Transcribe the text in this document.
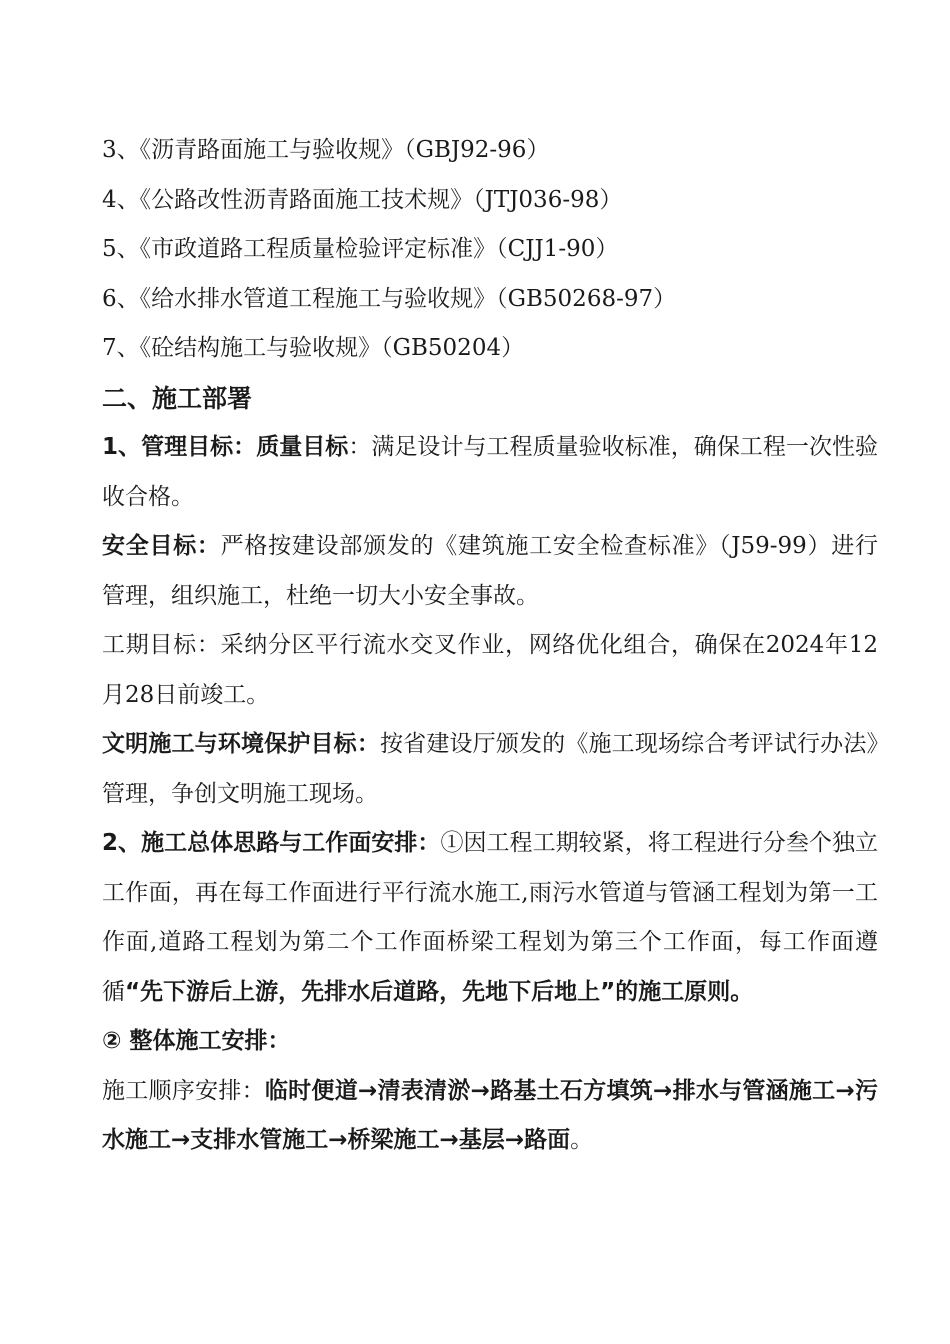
3、《沥青路面施工与验收规》（GBJ92-96）

4、《公路改性沥青路面施工技术规》（JTJ036-98）

5、《市政道路工程质量检验评定标准》（CJJ1-90）

6、《给水排水管道工程施工与验收规》（GB50268-97）

7、《砼结构施工与验收规》（GB50204）

二、施工部署

1、管理目标：质量目标：满足设计与工程质量验收标准，确保工程一次性验收合格。

安全目标：严格按建设部颁发的《建筑施工安全检查标准》（J59-99）进行管理，组织施工，杜绝一切大小安全事故。

工期目标：采纳分区平行流水交叉作业，网络优化组合，确保在2024年12月28日前竣工。

文明施工与环境保护目标：按省建设厅颁发的《施工现场综合考评试行办法》管理，争创文明施工现场。

2、施工总体思路与工作面安排：①因工程工期较紧，将工程进行分叁个独立工作面，再在每工作面进行平行流水施工,雨污水管道与管涵工程划为第一工作面,道路工程划为第二个工作面桥梁工程划为第三个工作面，每工作面遵循“先下游后上游，先排水后道路，先地下后地上”的施工原则。

② 整体施工安排：

施工顺序安排：临时便道→清表清淤→路基土石方填筑→排水与管涵施工→污水施工→支排水管施工→桥梁施工→基层→路面。
